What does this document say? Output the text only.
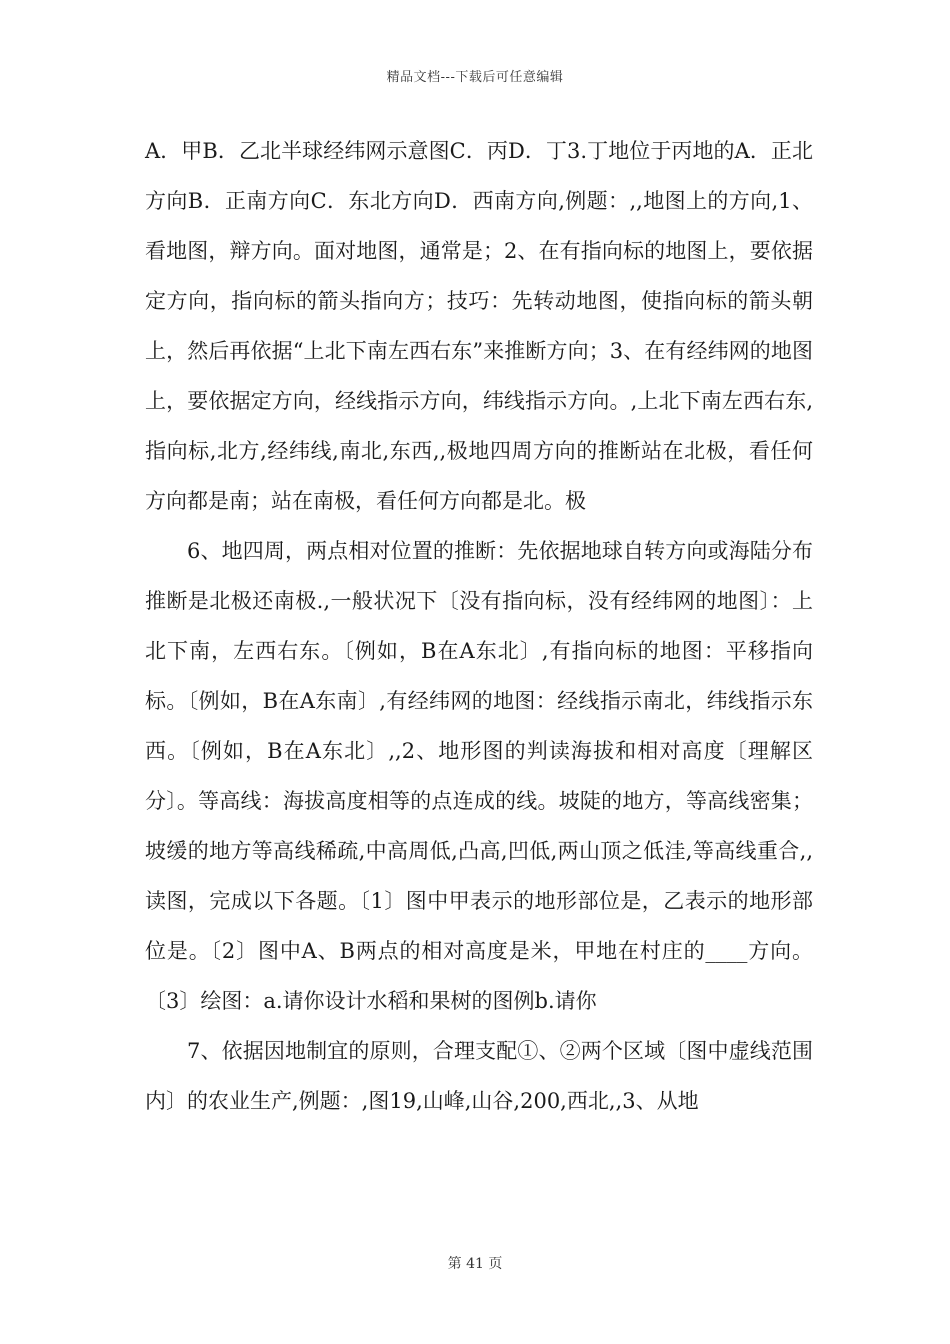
精品文档---下载后可任意编辑

A．甲B．乙北半球经纬网示意图C．丙D．丁3.丁地位于丙地的A．正北方向B．正南方向C．东北方向D．西南方向,例题：,,地图上的方向,1、看地图，辩方向。面对地图，通常是；2、在有指向标的地图上，要依据定方向，指向标的箭头指向方；技巧：先转动地图，使指向标的箭头朝上，然后再依据“上北下南左西右东”来推断方向；3、在有经纬网的地图上，要依据定方向，经线指示方向，纬线指示方向。,上北下南左西右东,指向标,北方,经纬线,南北,东西,,极地四周方向的推断站在北极，看任何方向都是南；站在南极，看任何方向都是北。极

6、地四周，两点相对位置的推断：先依据地球自转方向或海陆分布推断是北极还南极.,一般状况下〔没有指向标，没有经纬网的地图〕：上北下南，左西右东。〔例如，B在A东北〕,有指向标的地图：平移指向标。〔例如，B在A东南〕,有经纬网的地图：经线指示南北，纬线指示东西。〔例如，B在A东北〕,,2、地形图的判读海拔和相对高度〔理解区分〕。等高线：海拔高度相等的点连成的线。坡陡的地方，等高线密集；坡缓的地方等高线稀疏,中高周低,凸高,凹低,两山顶之低洼,等高线重合,,读图，完成以下各题。〔1〕图中甲表示的地形部位是，乙表示的地形部位是。〔2〕图中A、B两点的相对高度是米，甲地在村庄的____方向。〔3〕绘图：a.请你设计水稻和果树的图例b.请你

7、依据因地制宜的原则，合理支配①、②两个区域〔图中虚线范围内〕的农业生产,例题：,图19,山峰,山谷,200,西北,,3、从地

第 41 页
